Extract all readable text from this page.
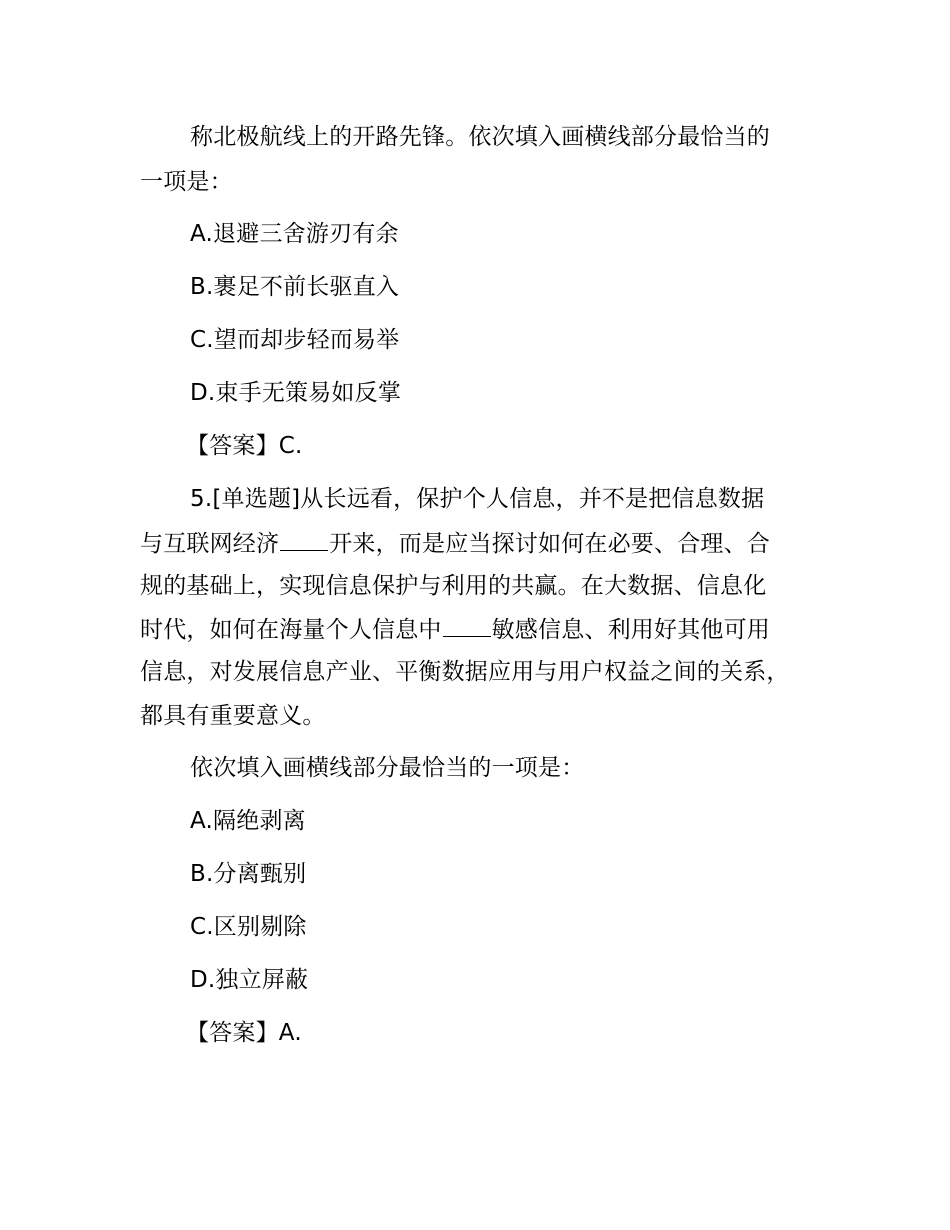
称北极航线上的开路先锋。依次填入画横线部分最恰当的
一项是：
A.退避三舍游刃有余
B.裹足不前长驱直入
C.望而却步轻而易举
D.束手无策易如反掌
【答案】C.
5.[单选题]从长远看，保护个人信息，并不是把信息数据
与互联网经济 开来，而是应当探讨如何在必要、合理、合
规的基础上，实现信息保护与利用的共赢。在大数据、信息化
时代，如何在海量个人信息中 敏感信息、利用好其他可用
信息，对发展信息产业、平衡数据应用与用户权益之间的关系，
都具有重要意义。
依次填入画横线部分最恰当的一项是：
A.隔绝剥离
B.分离甄别
C.区别剔除
D.独立屏蔽
【答案】A.
